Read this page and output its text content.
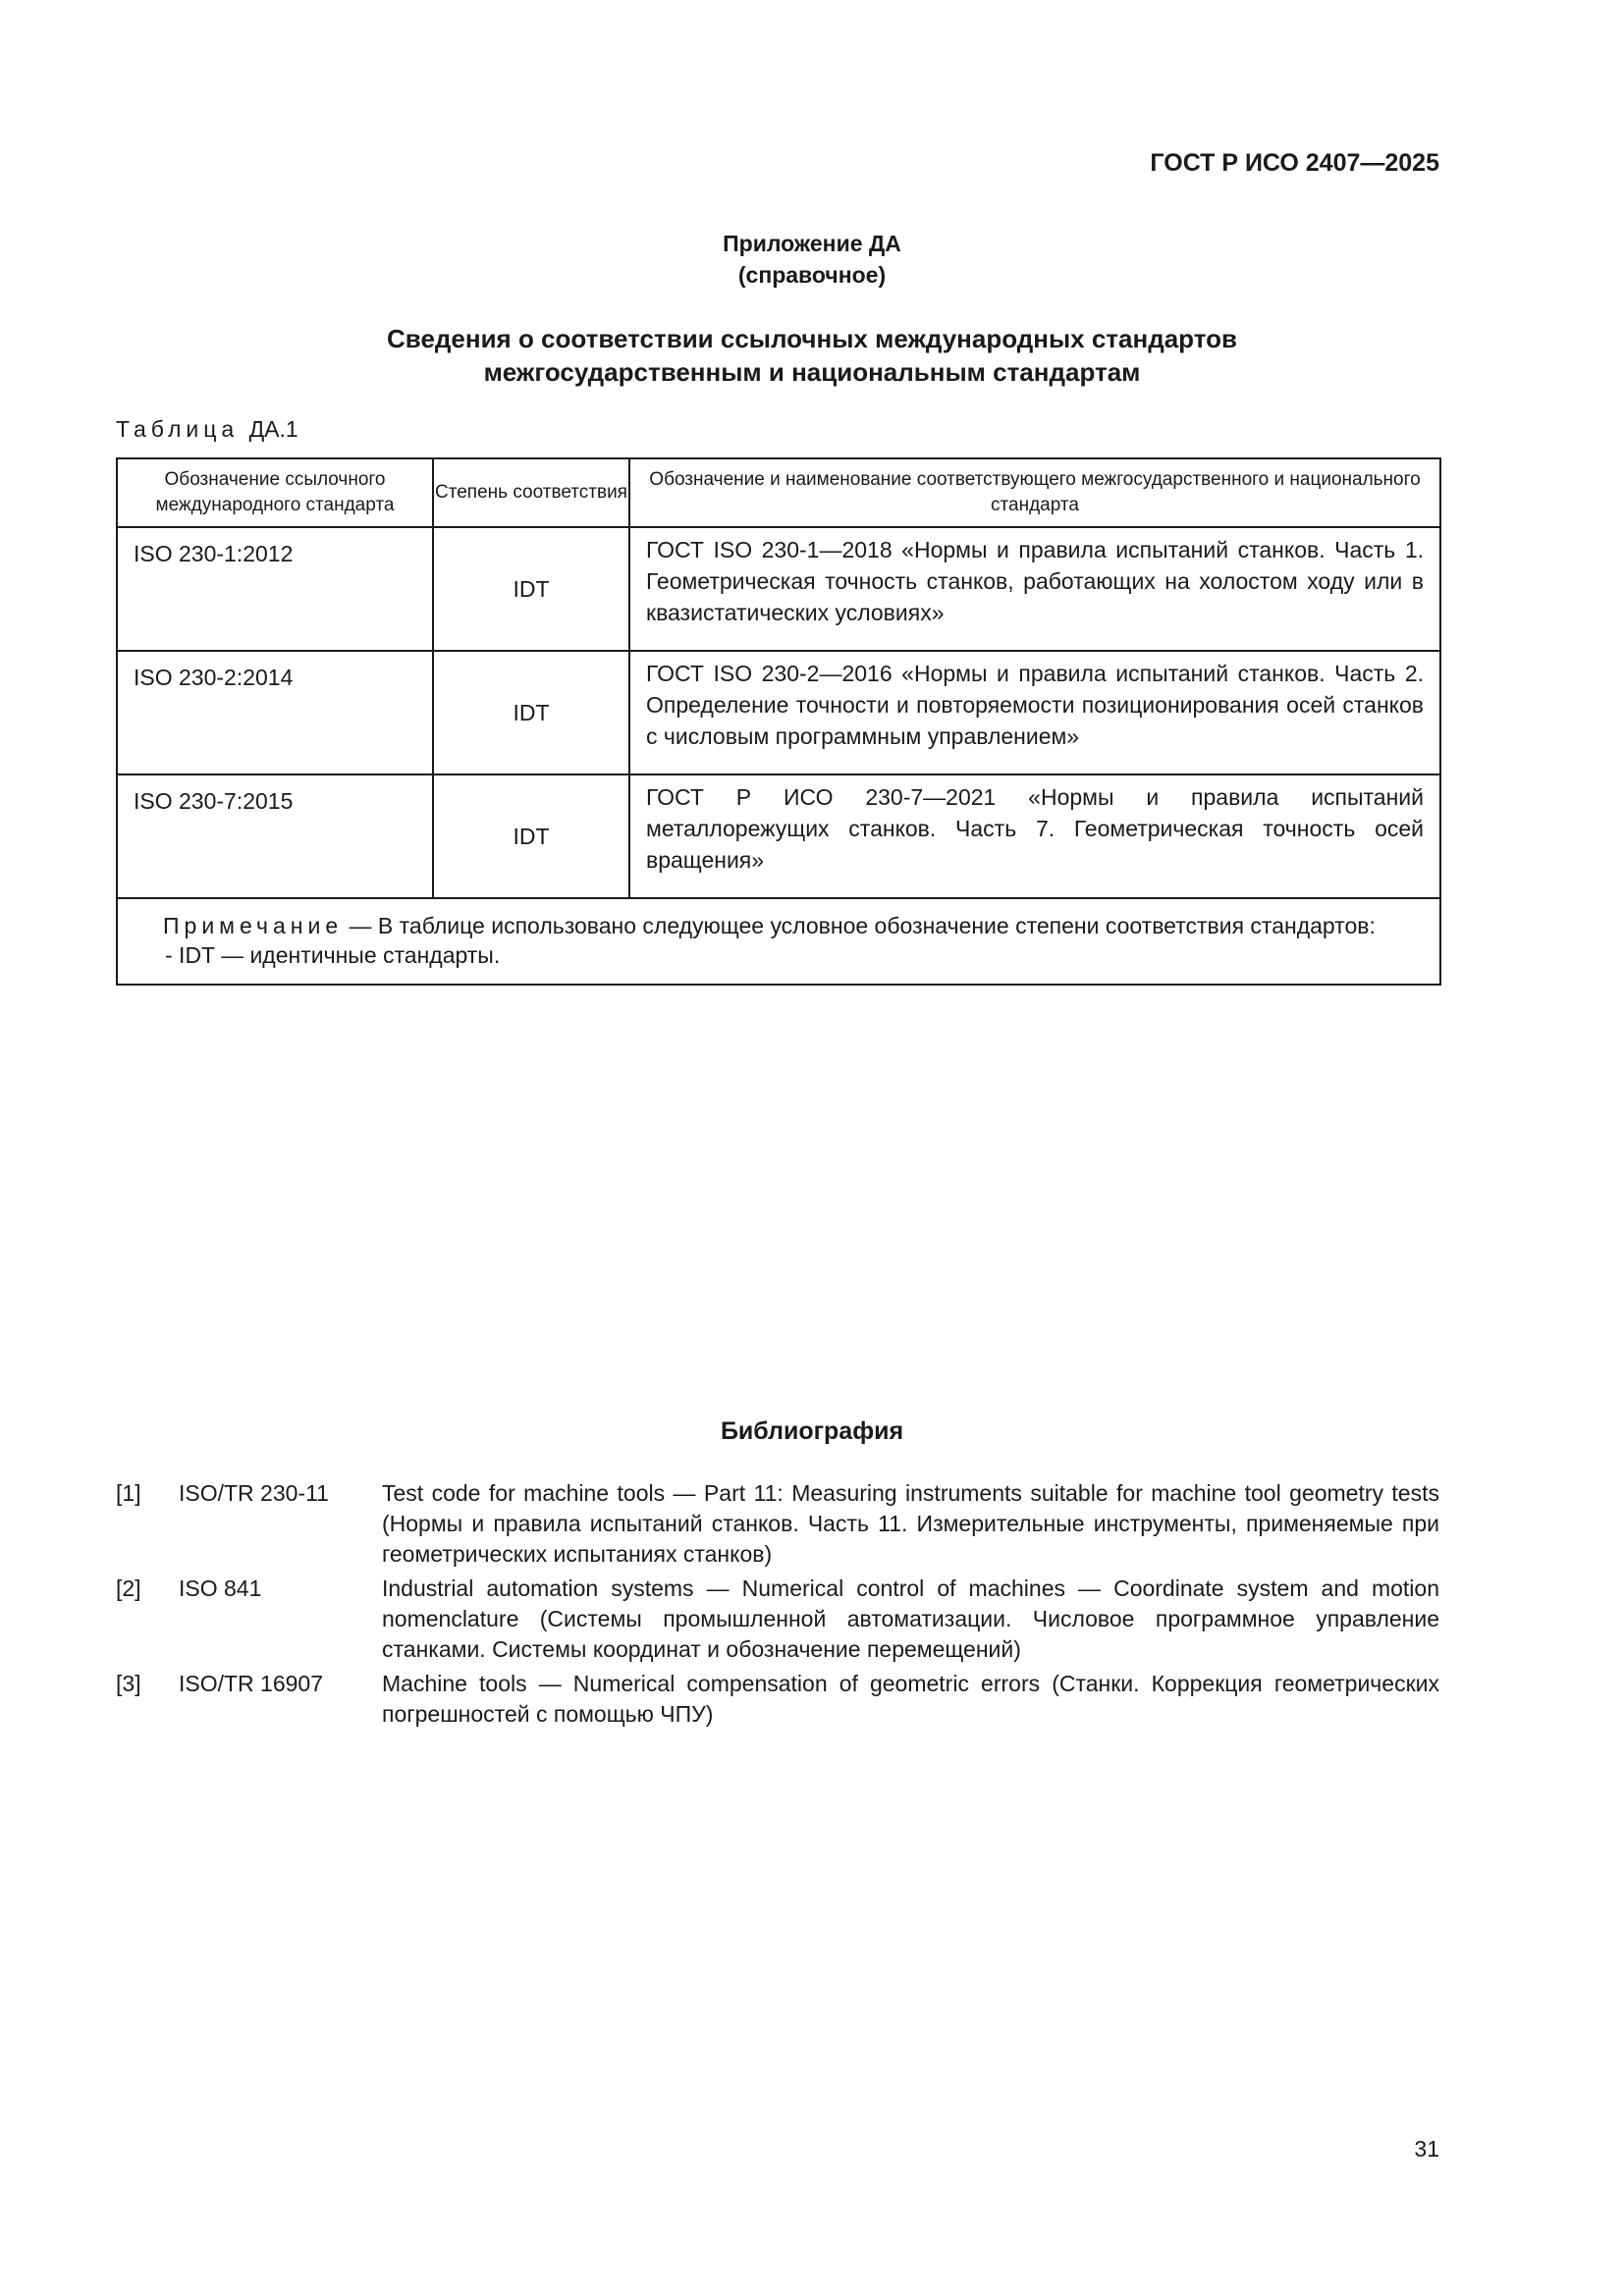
ГОСТ Р ИСО 2407—2025
Приложение ДА
(справочное)
Сведения о соответствии ссылочных международных стандартов
межгосударственным и национальным стандартам
Таблица ДА.1
Обозначение ссылочного международного стандарта	Степень соответствия	Обозначение и наименование соответствующего межгосударственного и национального стандарта
ISO 230-1:2012	IDT	ГОСТ ISO 230-1—2018 «Нормы и правила испытаний станков. Часть 1. Геометрическая точность станков, работающих на холостом ходу или в квазистатических условиях»
ISO 230-2:2014	IDT	ГОСТ ISO 230-2—2016 «Нормы и правила испытаний станков. Часть 2. Определение точности и повторяемости позиционирования осей станков с числовым программным управлением»
ISO 230-7:2015	IDT	ГОСТ Р ИСО 230-7—2021 «Нормы и правила испытаний металлорежущих станков. Часть 7. Геометрическая точность осей вращения»

Примечание — В таблице использовано следующее условное обозначение степени соответствия стандартов:
- IDT — идентичные стандарты.		
Библиография
[1] ISO/TR 230-11 Test code for machine tools — Part 11: Measuring instruments suitable for machine tool geometry tests (Нормы и правила испытаний станков. Часть 11. Измерительные инструменты, применяемые при геометрических испытаниях станков)
[2] ISO 841	Industrial automation systems — Numerical control of machines — Coordinate system and motion nomenclature (Системы промышленной автоматизации. Числовое программное управление станками. Системы координат и обозначение перемещений)
[3] ISO/TR 16907	Machine tools — Numerical compensation of geometric errors (Станки. Коррекция геометрических погрешностей с помощью ЧПУ)
31
